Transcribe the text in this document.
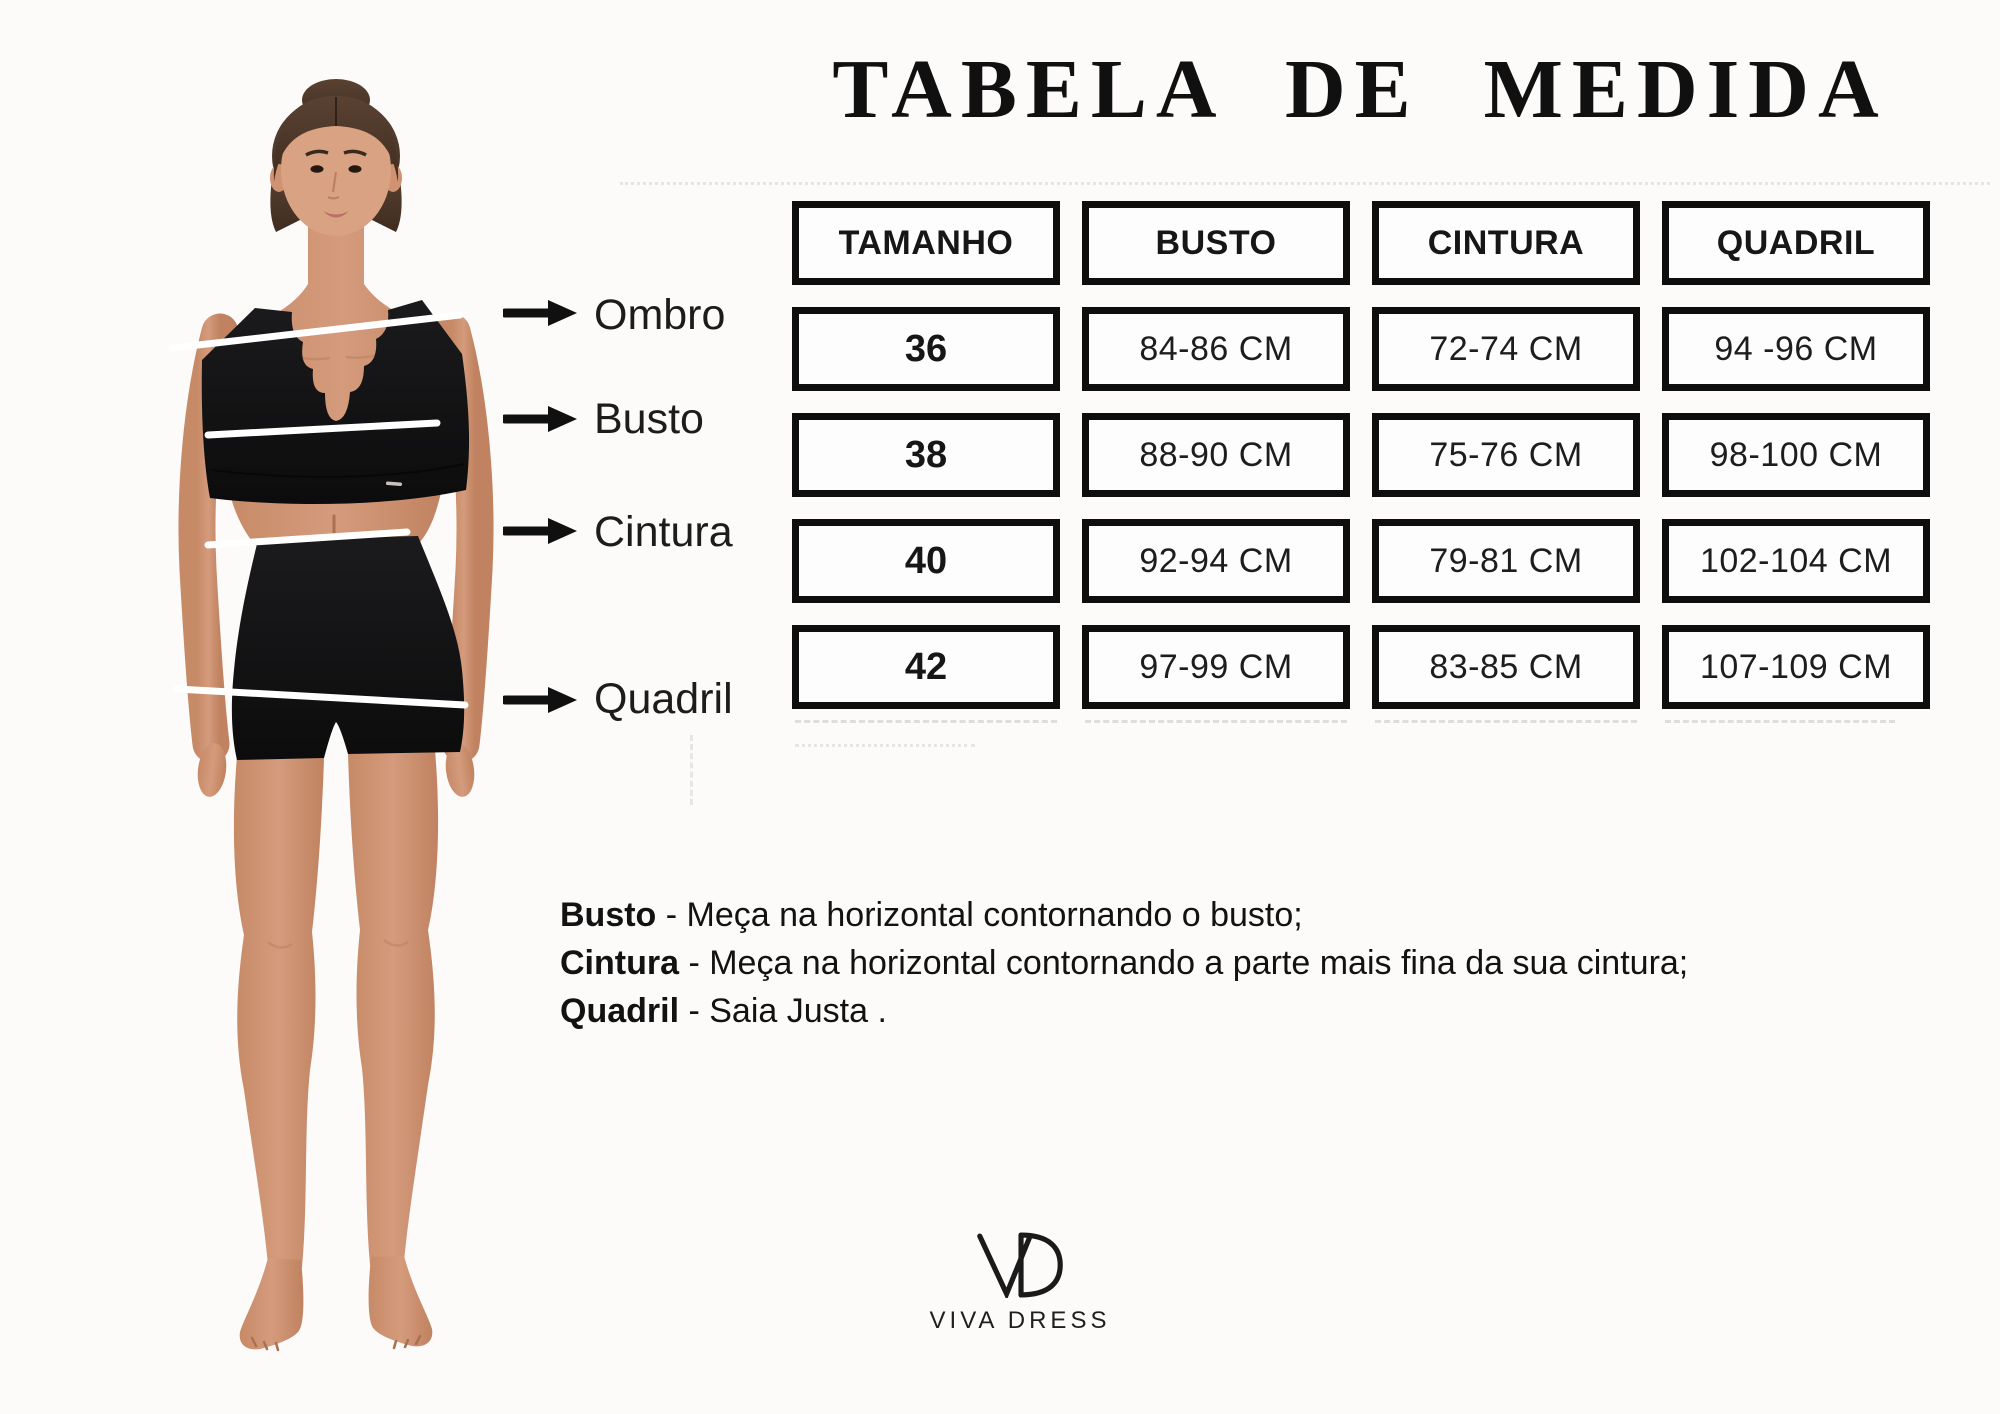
Ombro
Busto
Cintura
Quadril
TABELA DE MEDIDA
TAMANHO	BUSTO	CINTURA	QUADRIL
36	84-86 CM	72-74 CM	94 -96 CM
38	88-90 CM	75-76 CM	98-100 CM
40	92-94 CM	79-81 CM	102-104 CM
42	97-99 CM	83-85 CM	107-109 CM
Busto - Meça na horizontal contornando o busto;
Cintura - Meça na horizontal contornando a parte mais fina da sua cintura;
Quadril - Saia Justa .
VIVA DRESS
